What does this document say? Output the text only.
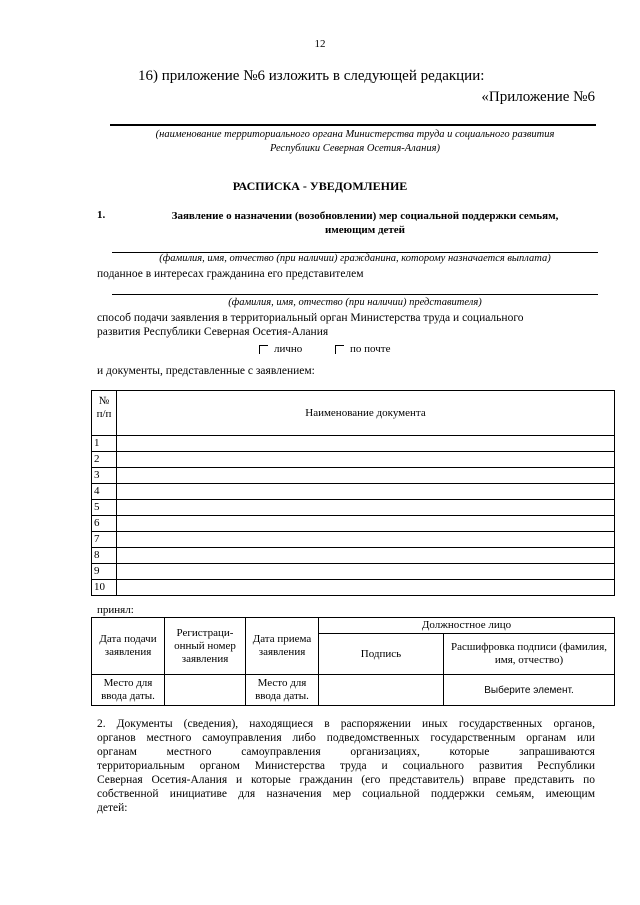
12
16) приложение №6 изложить в следующей редакции:
«Приложение №6
(наименование территориального органа Министерства труда и социального развития
Республики Северная Осетия-Алания)
РАСПИСКА - УВЕДОМЛЕНИЕ
1.	Заявление о назначении (возобновлении) мер социальной поддержки семьям,
имеющим детей
(фамилия, имя, отчество (при наличии) гражданина, которому назначается выплата)
поданное в интересах гражданина его представителем
(фамилия, имя, отчество (при наличии) представителя)
способ подачи заявления в территориальный орган Министерства труда и социального
развития Республики Северная Осетия-Алания
лично	по почте
и документы, представленные с заявлением:
№
п/п	Наименование документа
1	
2	
3	
4	
5	
6	
7	
8	
9	
10	
принял:
Дата подачи заявления	Регистраци-онный номер заявления	Дата приема заявления	Должностное лицо	
			Подпись	Расшифровка подписи (фамилия, имя, отчество)
Место для ввода даты.		Место для ввода даты.		Выберите элемент.
2. Документы (сведения), находящиеся в распоряжении иных государственных органов,
органов местного самоуправления либо подведомственных государственным органам или
органам	местного	самоуправления	организациях,	которые	запрашиваются
территориальным органом Министерства труда и социального развития Республики
Северная Осетия-Алания и которые гражданин (его представитель) вправе представить по
собственной инициативе для назначения мер социальной поддержки семьям, имеющим
детей:
